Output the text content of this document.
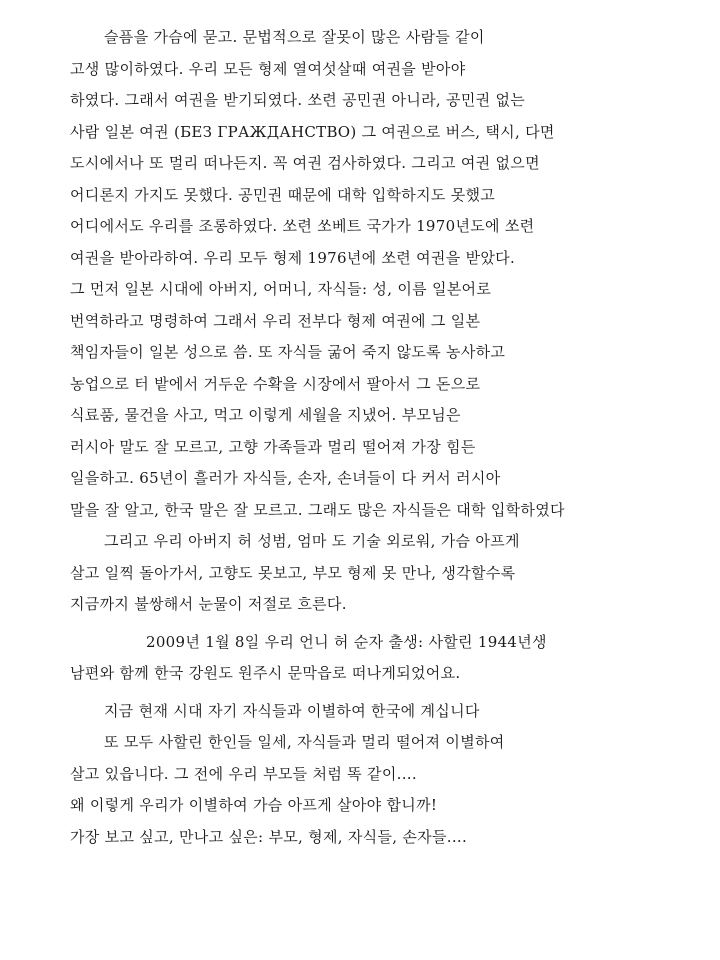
슬픔을 가슴에 묻고. 문법적으로 잘못이 많은 사람들 같이
고생 많이하였다. 우리 모든 형제 열여섯살때 여권을 받아야
하였다. 그래서 여권을 받기되였다. 쏘련 공민권 아니라, 공민권 없는
사람 일본 여권 (БЕЗ ГРАЖДАНСТВО) 그 여권으로 버스, 택시, 다면
도시에서나 또 멀리 떠나든지. 꼭 여권 검사하였다. 그리고 여권 없으면
어디론지 가지도 못했다. 공민권 때문에 대학 입학하지도 못했고
어디에서도 우리를 조롱하였다. 쏘련 쏘베트 국가가 1970년도에 쏘련
여권을 받아라하여. 우리 모두 형제 1976년에 쏘련 여권을 받았다.
그 먼저 일본 시대에 아버지, 어머니, 자식들: 성, 이름 일본어로
번역하라고 명령하여 그래서 우리 전부다 형제 여권에 그 일본
책임자들이 일본 성으로 씀. 또 자식들 굶어 죽지 않도록 농사하고
농업으로 터 밭에서 거두운 수확을 시장에서 팔아서 그 돈으로
식료품, 물건을 사고, 먹고 이렇게 세월을 지냈어. 부모님은
러시아 말도 잘 모르고, 고향 가족들과 멀리 떨어져 가장 힘든
일을하고. 65년이 흘러가 자식들, 손자, 손녀들이 다 커서 러시아
말을 잘 알고, 한국 말은 잘 모르고. 그래도 많은 자식들은 대학 입학하였다
그리고 우리 아버지 허 성범, 엄마 도 기술 외로워, 가슴 아프게
살고 일찍 돌아가서, 고향도 못보고, 부모 형제 못 만나, 생각할수록
지금까지 불쌍해서 눈물이 저절로 흐른다.
2009년 1월 8일 우리 언니 허 순자 출생: 사할린 1944년생
남편와 함께 한국 강원도 원주시 문막읍로 떠나게되었어요.
지금 현재 시대 자기 자식들과 이별하여 한국에 계십니다
또 모두 사할린 한인들 일세, 자식들과 멀리 떨어져 이별하여
살고 있읍니다. 그 전에 우리 부모들 처럼 똑 같이....
왜 이렇게 우리가 이별하여 가슴 아프게 살아야 합니까!
가장 보고 싶고, 만나고 싶은: 부모, 형제, 자식들, 손자들....
